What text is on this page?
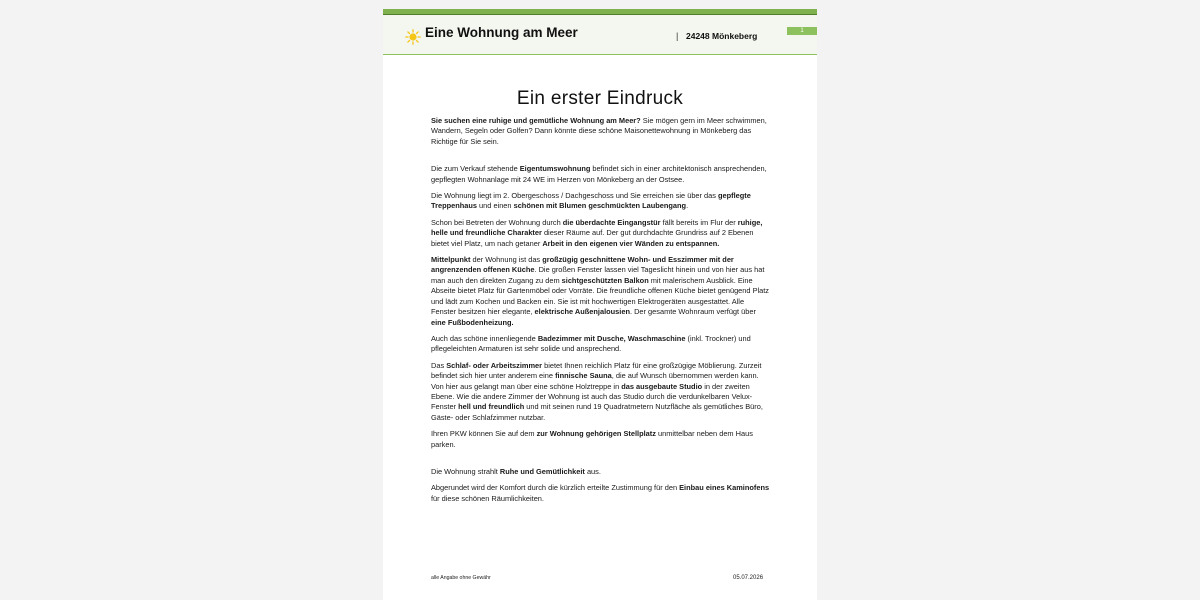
Eine Wohnung am Meer	| 24248 Mönkeberg	1
Ein erster Eindruck

Sie suchen eine ruhige und gemütliche Wohnung am Meer? Sie mögen gern im Meer schwimmen, Wandern, Segeln oder Golfen? Dann könnte diese schöne Maisonettewohnung in Mönkeberg das Richtige für Sie sein.

Die zum Verkauf stehende Eigentumswohnung befindet sich in einer architektonisch ansprechenden, gepflegten Wohnanlage mit 24 WE im Herzen von Mönkeberg an der Ostsee.

Die Wohnung liegt im 2. Obergeschoss / Dachgeschoss und Sie erreichen sie über das gepflegte Treppenhaus und einen schönen mit Blumen geschmückten Laubengang.

Schon bei Betreten der Wohnung durch die überdachte Eingangstür fällt bereits im Flur der ruhige, helle und freundliche Charakter dieser Räume auf. Der gut durchdachte Grundriss auf 2 Ebenen bietet viel Platz, um nach getaner Arbeit in den eigenen vier Wänden zu entspannen.

Mittelpunkt der Wohnung ist das großzügig geschnittene Wohn- und Esszimmer mit der angrenzenden offenen Küche. Die großen Fenster lassen viel Tageslicht hinein und von hier aus hat man auch den direkten Zugang zu dem sichtgeschützten Balkon mit malerischem Ausblick. Eine Abseite bietet Platz für Gartenmöbel oder Vorräte. Die freundliche offenen Küche bietet genügend Platz und lädt zum Kochen und Backen ein. Sie ist mit hochwertigen Elektrogeräten ausgestattet. Alle Fenster besitzen hier elegante, elektrische Außenjalousien. Der gesamte Wohnraum verfügt über eine Fußbodenheizung.

Auch das schöne innenliegende Badezimmer mit Dusche, Waschmaschine (inkl. Trockner) und pflegeleichten Armaturen ist sehr solide und ansprechend.

Das Schlaf- oder Arbeitszimmer bietet Ihnen reichlich Platz für eine großzügige Möblierung. Zurzeit befindet sich hier unter anderem eine finnische Sauna, die auf Wunsch übernommen werden kann.

Von hier aus gelangt man über eine schöne Holztreppe in das ausgebaute Studio in der zweiten Ebene. Wie die andere Zimmer der Wohnung ist auch das Studio durch die verdunkelbaren Velux-Fenster hell und freundlich und mit seinen rund 19 Quadratmetern Nutzfläche als gemütliches Büro, Gäste- oder Schlafzimmer nutzbar.

Ihren PKW können Sie auf dem zur Wohnung gehörigen Stellplatz unmittelbar neben dem Haus parken.

Die Wohnung strahlt Ruhe und Gemütlichkeit aus.

Abgerundet wird der Komfort durch die kürzlich erteilte Zustimmung für den Einbau eines Kaminofens für diese schönen Räumlichkeiten.

alle Angabe ohne Gewähr	05.07.2026
